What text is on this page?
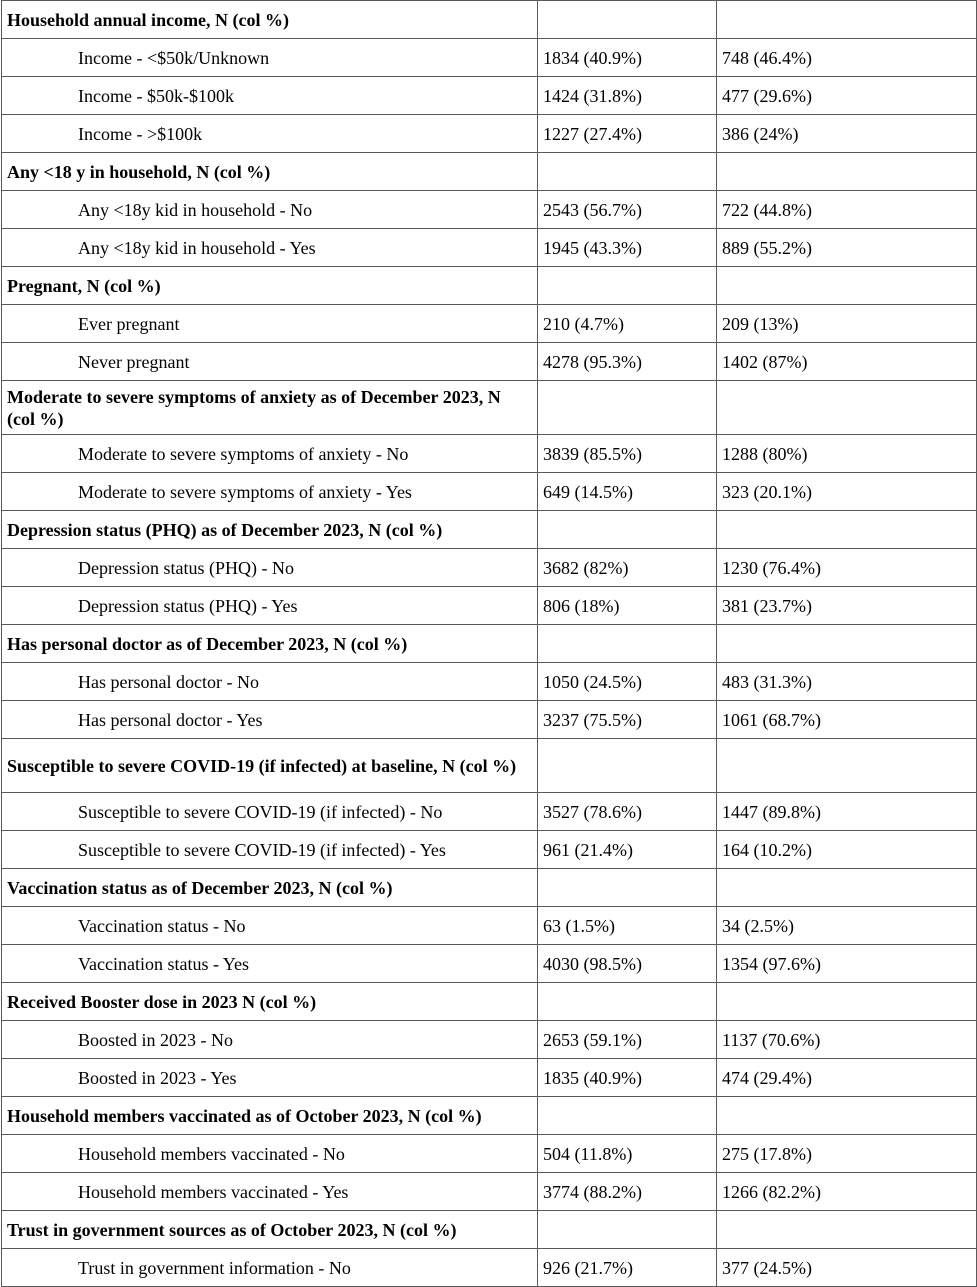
Household annual income, N (col %)		
Income - <$50k/Unknown	1834 (40.9%)	748 (46.4%)
Income - $50k-$100k	1424 (31.8%)	477 (29.6%)
Income - >$100k	1227 (27.4%)	386 (24%)
Any <18 y in household, N (col %)		
Any <18y kid in household - No	2543 (56.7%)	722 (44.8%)
Any <18y kid in household - Yes	1945 (43.3%)	889 (55.2%)
Pregnant, N (col %)		
Ever pregnant	210 (4.7%)	209 (13%)
Never pregnant	4278 (95.3%)	1402 (87%)
Moderate to severe symptoms of anxiety as of December 2023, N (col %)		
Moderate to severe symptoms of anxiety - No	3839 (85.5%)	1288 (80%)
Moderate to severe symptoms of anxiety - Yes	649 (14.5%)	323 (20.1%)
Depression status (PHQ) as of December 2023, N (col %)		
Depression status (PHQ) - No	3682 (82%)	1230 (76.4%)
Depression status (PHQ) - Yes	806 (18%)	381 (23.7%)
Has personal doctor as of December 2023, N (col %)		
Has personal doctor - No	1050 (24.5%)	483 (31.3%)
Has personal doctor - Yes	3237 (75.5%)	1061 (68.7%)
Susceptible to severe COVID-19 (if infected) at baseline, N (col %)		
Susceptible to severe COVID-19 (if infected) - No	3527 (78.6%)	1447 (89.8%)
Susceptible to severe COVID-19 (if infected) - Yes	961 (21.4%)	164 (10.2%)
Vaccination status as of December 2023, N (col %)		
Vaccination status - No	63 (1.5%)	34 (2.5%)
Vaccination status - Yes	4030 (98.5%)	1354 (97.6%)
Received Booster dose in 2023 N (col %)		
Boosted in 2023 - No	2653 (59.1%)	1137 (70.6%)
Boosted in 2023 - Yes	1835 (40.9%)	474 (29.4%)
Household members vaccinated as of October 2023, N (col %)		
Household members vaccinated - No	504 (11.8%)	275 (17.8%)
Household members vaccinated - Yes	3774 (88.2%)	1266 (82.2%)
Trust in government sources as of October 2023, N (col %)		
Trust in government information - No	926 (21.7%)	377 (24.5%)
